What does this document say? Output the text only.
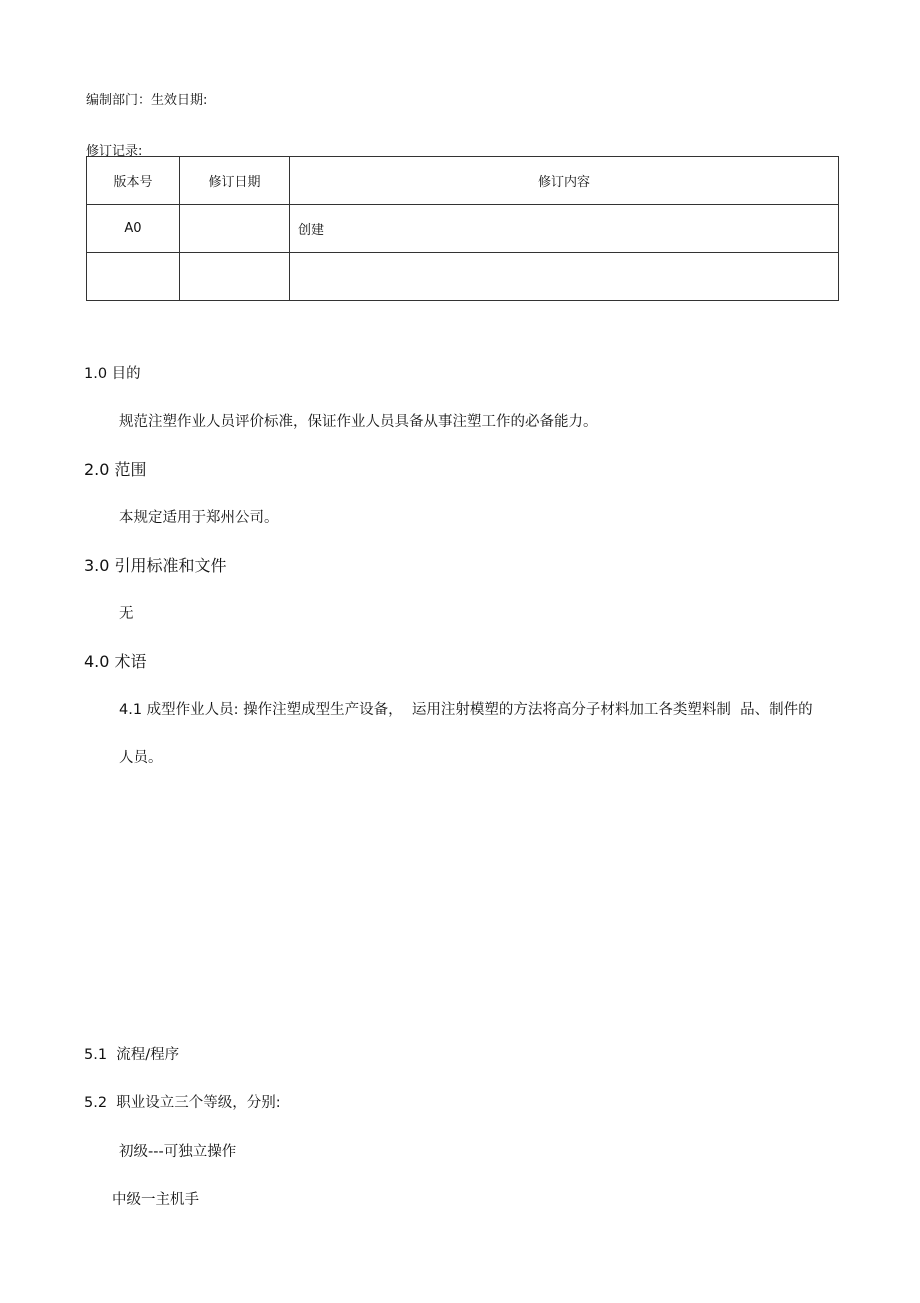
编制部门：生效日期:
修订记录:
版本号	修订日期	修订内容
A0		创建

1.0 目的
规范注塑作业人员评价标准，保证作业人员具备从事注塑工作的必备能力。
2.0 范围
本规定适用于郑州公司。
3.0 引用标准和文件
无
4.0 术语
4.1 成型作业人员: 操作注塑成型生产设备，  运用注射模塑的方法将高分子材料加工各类塑料制  品、制件的
人员。
5.1  流程/程序
5.2  职业设立三个等级，分别:
初级---可独立操作
中级一主机手
